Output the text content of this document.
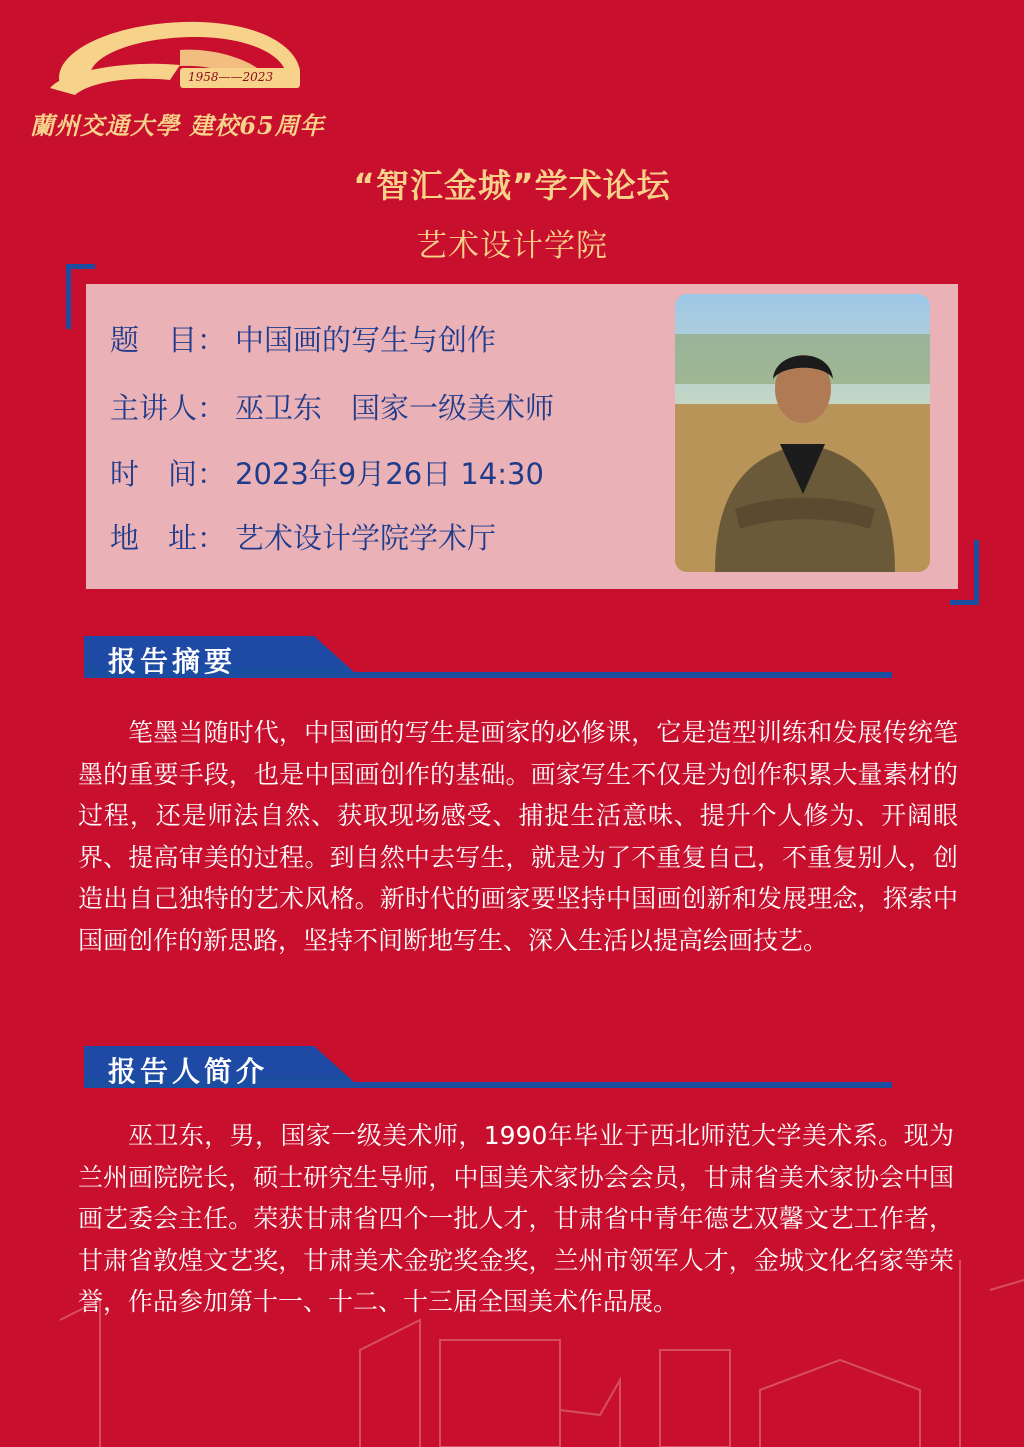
1958——2023
蘭州交通大學 建校65周年
“智汇金城”学术论坛
艺术设计学院
题　目： 中国画的写生与创作
主讲人： 巫卫东　国家一级美术师
时　间： 2023年9月26日 14:30
地　址： 艺术设计学院学术厅
报告摘要
笔墨当随时代，中国画的写生是画家的必修课，它是造型训练和发展传统笔墨的重要手段，也是中国画创作的基础。画家写生不仅是为创作积累大量素材的过程，还是师法自然、获取现场感受、捕捉生活意味、提升个人修为、开阔眼界、提高审美的过程。到自然中去写生，就是为了不重复自己，不重复别人，创造出自己独特的艺术风格。新时代的画家要坚持中国画创新和发展理念，探索中国画创作的新思路，坚持不间断地写生、深入生活以提高绘画技艺。
报告人简介
巫卫东，男，国家一级美术师，1990年毕业于西北师范大学美术系。现为兰州画院院长，硕士研究生导师，中国美术家协会会员，甘肃省美术家协会中国画艺委会主任。荣获甘肃省四个一批人才，甘肃省中青年德艺双馨文艺工作者，甘肃省敦煌文艺奖，甘肃美术金驼奖金奖，兰州市领军人才，金城文化名家等荣誉，作品参加第十一、十二、十三届全国美术作品展。
